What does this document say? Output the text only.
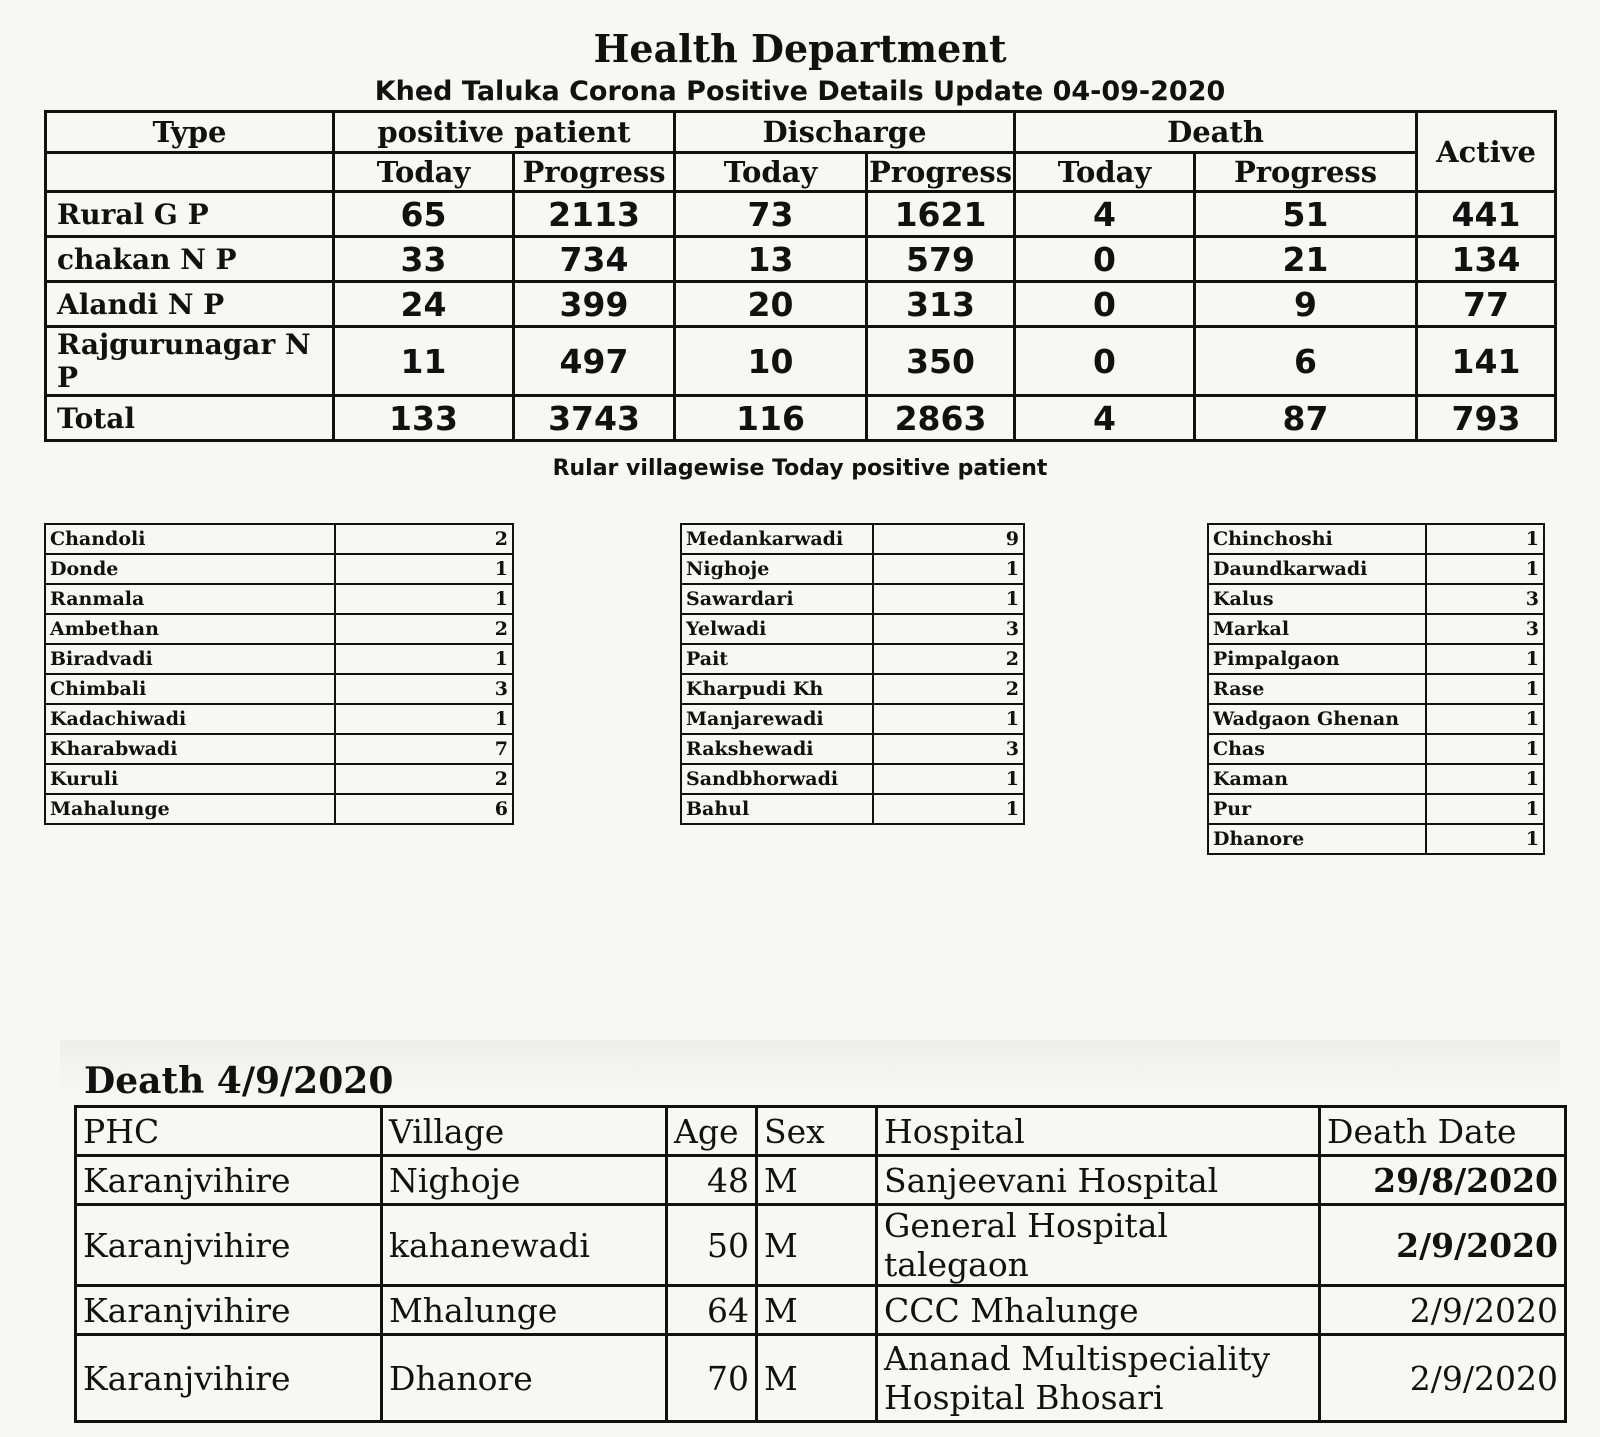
Health Department
Khed Taluka Corona Positive Details Update 04-09-2020
Type	positive patient		Discharge		Death		Active
	Today	Progress	Today	Progress	Today	Progress	
Rural G P	65	2113	73	1621	4	51	441
chakan N P	33	734	13	579	0	21	134
Alandi N P	24	399	20	313	0	9	77
Rajgurunagar N P	11	497	10	350	0	6	141
Total	133	3743	116	2863	4	87	793
Rular villagewise Today positive patient
Chandoli	2
Donde	1
Ranmala	1
Ambethan	2
Biradvadi	1
Chimbali	3
Kadachiwadi	1
Kharabwadi	7
Kuruli	2
Mahalunge	6
Medankarwadi	9
Nighoje	1
Sawardari	1
Yelwadi	3
Pait	2
Kharpudi Kh	2
Manjarewadi	1
Rakshewadi	3
Sandbhorwadi	1
Bahul	1
Chinchoshi	1
Daundkarwadi	1
Kalus	3
Markal	3
Pimpalgaon	1
Rase	1
Wadgaon Ghenan	1
Chas	1
Kaman	1
Pur	1
Dhanore	1
Death 4/9/2020
PHC	Village	Age	Sex	Hospital	Death Date
Karanjvihire	Nighoje	48	M	Sanjeevani Hospital	29/8/2020
Karanjvihire	kahanewadi	50	M	General Hospital talegaon	2/9/2020
Karanjvihire	Mhalunge	64	M	CCC Mhalunge	2/9/2020
Karanjvihire	Dhanore	70	M	Ananad Multispeciality Hospital Bhosari	2/9/2020
